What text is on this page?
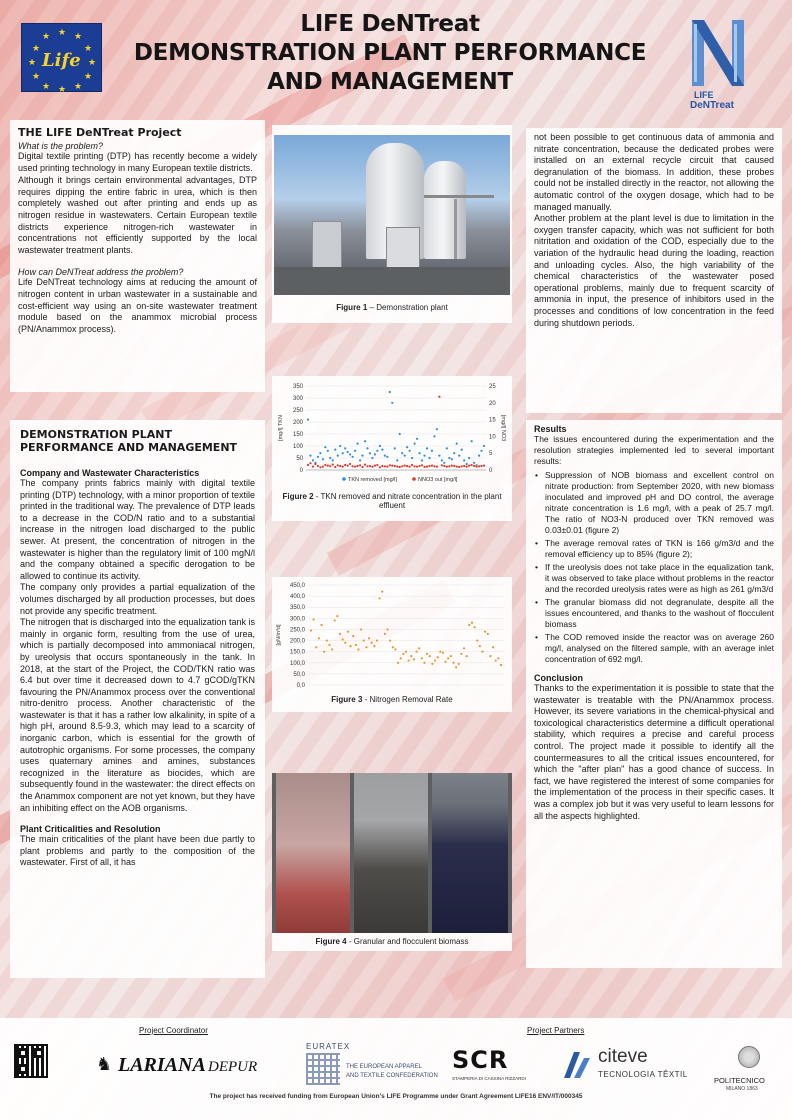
★ ★
★
★
★
★
★
★
★
★
★
★
Life
LIFE DeNTreat
DEMONSTRATION PLANT PERFORMANCE
AND MANAGEMENT	LIFE
DeNTreat
THE LIFE DeNTreat Project
What is the problem?
Digital textile printing (DTP) has recently become a widely used printing technology in many European textile districts.
Although it brings certain environmental advantages, DTP requires dipping the entire fabric in urea, which is then completely washed out after printing and ends up as nitrogen residue in wastewaters. Certain European textile districts experience nitrogen-rich wastewater in concentrations not efficiently supported by the local wastewater treatment plants.
How can DeNTreat address the problem?
Life DeNTreat technology aims at reducing the amount of nitrogen content in urban wastewater in a sustainable and cost-efficient way using an on-site wastewater treatment module based on the anammox microbial process (PN/Anammox process).
DEMONSTRATION PLANT
PERFORMANCE AND MANAGEMENT
Company and Wastewater Characteristics
The company prints fabrics mainly with digital textile printing (DTP) technology, with a minor proportion of textile printed in the traditional way. The prevalence of DTP leads to a decrease in the COD/N ratio and to a substantial increase in the nitrogen load discharged to the public sewer. At present, the concentration of nitrogen in the wastewater is higher than the regulatory limit of 100 mgN/l and the company obtained a specific derogation to be allowed to continue its activity.
The company only provides a partial equalization of the volumes discharged by all production processes, but does not provide any specific treatment.
The nitrogen that is discharged into the equalization tank is mainly in organic form, resulting from the use of urea, which is partially decomposed into ammoniacal nitrogen, by ureolysis that occurs spontaneously in the tank. In 2018, at the start of the Project, the COD/TKN ratio was 6.4 but over time it decreased down to 4.7 gCOD/gTKN favouring the PN/Anammox process over the conventional nitro-denitro process. Another characteristic of the wastewater is that it has a rather low alkalinity, in spite of a high pH, around 8.5-9.3, which may lead to a scarcity of inorganic carbon, which is essential for the growth of autotrophic organisms. For some processes, the company uses quaternary amines and amines, substances recognized in the literature as biocides, which are subsequently found in the wastewater: the direct effects on the Anammox component are not yet known, but they have an inhibiting effect on the AOB organisms.
Plant Criticalities and Resolution
The main criticalities of the plant have been due partly to plant problems and partly to the composition of the wastewater. First of all, it has
Figure 1 – Demonstration plant
350
300
250
200
150
100
50
0
25
20
15
10
5
0
[mg/l] TKN	[mg/l] NO3
TKN removed [mg/l]	NNO3 out [mg/l]
Figure 2 - TKN removed and nitrate concentration in the plant effluent
450,0
400,0
350,0
300,0
250,0
200,0
150,0
100,0
50,0
0,0
[gN/m³d]
Figure 3 - Nitrogen Removal Rate
Figure 4 - Granular and flocculent biomass
not been possible to get continuous data of ammonia and nitrate concentration, because the dedicated probes were installed on an external recycle circuit that caused degranulation of the biomass. In addition, these probes could not be installed directly in the reactor, not allowing the automatic control of the oxygen dosage, which had to be managed manually.
Another problem at the plant level is due to limitation in the oxygen transfer capacity, which was not sufficient for both nitritation and oxidation of the COD, especially due to the variation of the hydraulic head during the loading, reaction and unloading cycles. Also, the high variability of the chemical characteristics of the wastewater posed operational problems, mainly due to frequent scarcity of ammonia in input, the presence of inhibitors used in the processes and conditions of low concentration in the feed during shutdown periods.
Results
The issues encountered during the experimentation and the resolution strategies implemented led to several important results:
• Suppression of NOB biomass and excellent control on nitrate production: from September 2020, with new biomass inoculated and improved pH and DO control, the average nitrate concentration is 1.6 mg/l, with a peak of 25.7 mg/l. The ratio of NO3-N produced over TKN removed was 0.03±0.01 (figure 2)
• The average removal rates of TKN is 166 g/m3/d and the removal efficiency up to 85% (figure 2);
• If the ureolysis does not take place in the equalization tank, it was observed to take place without problems in the reactor and the recorded ureolysis rates were as high as 261 g/m3/d
• The granular biomass did not degranulate, despite all the issues encountered, and thanks to the washout of flocculent biomass
• The COD removed inside the reactor was on average 260 mg/l, analysed on the filtered sample, with an average inlet concentration of 692 mg/l.
Conclusion
Thanks to the experimentation it is possible to state that the wastewater is treatable with the PN/Anammox process. However, its severe variations in the chemical-physical and toxicological characteristics determine a difficult operational stability, which requires a precise and careful process control. The project made it possible to identify all the countermeasures to all the critical issues encountered, for which the "after plan" has a good chance of success. In fact, we have registered the interest of some companies for the implementation of the process in their specific cases. It was a complex job but it was very useful to learn lessons for all the aspects highlighted.
Project Coordinator	Project Partners
♞ LARIANA DEPUR
EURATEX
THE EUROPEAN APPAREL
AND TEXTILE CONFEDERATION
SCR
STAMPERIA DI CASSINA RIZZARDI
citeve
TECNOLOGIA TÊXTIL
POLITECNICO
MILANO 1863
The project has received funding from European Union's LIFE Programme under Grant Agreement LIFE16 ENV/IT/000345
